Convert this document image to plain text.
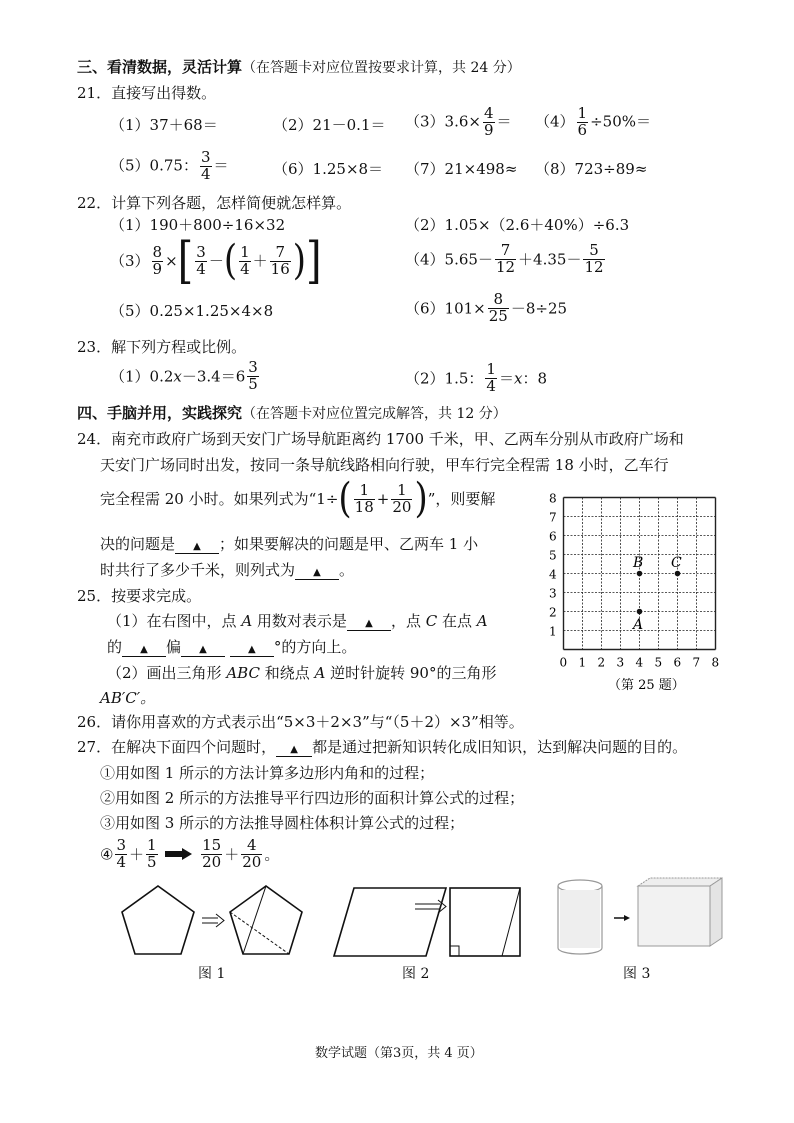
三、看清数据，灵活计算（在答题卡对应位置按要求计算，共 24 分）
21．直接写出得数。
（1）37＋68＝	$(2)21-0.1= (3)3.6\times \frac{4}{9} = (4) \frac{1}{6} \div 50\%=$
（5）0.75： $\frac{3}{4}$ ＝	（6）1.25×8＝ （7）21×498≈ （8）723÷89≈
22．计算下列各题，怎样简便就怎样算。
（1）190＋800÷16×32	（2）1.05×（2.6＋40%）÷6.3
$(3) \frac{8}{9}$ ×[ $\frac{3}{4}$ －( $\frac{1}{4} + \frac{7}{16}$ )]	$(4)5.65- \frac{7}{12} +4.35- \frac{5}{12}$
（5）0.25×1.25×4×8	$(6)101\times \frac{8}{25} -8\div 25$
23．解下列方程或比例。
$(1)0.2x-3.4=6 \frac{3}{5}$	（2）1.5： $\frac{1}{4} =x$：8
四、手脑并用，实践探究（在答题卡对应位置完成解答，共 12 分）
24．南充市政府广场到天安门广场导航距离约 1700 千米，甲、乙两车分别从市政府广场和
天安门广场同时出发，按同一条导航线路相向行驶，甲车行完全程需 18 小时，乙车行
完全程需 20 小时。如果列式为“$1\div( \frac{1}{18} + \frac{1}{20}$ )”，则要解
决的问题是 ▲ ；如果要解决的问题是甲、乙两车 1 小
时共行了多少千米，则列式为 ▲ 。
25．按要求完成。
（1）在右图中，点 A 用数对表示是 ▲ ，点 C 在点 A
的 ▲ 偏 ▲	▲ °的方向上。
（2）画出三角形 ABC 和绕点 A 逆时针旋转 90°的三角形
AB′C′。
8
7
6
5
4
3
2
1
0 1 2 3 4 5 6 7 8
B C
A
（第 25 题）
26．请你用喜欢的方式表示出“5×3＋2×3”与“（5＋2）×3”相等。
27．在解决下面四个问题时， ▲ 都是通过把新知识转化成旧知识，达到解决问题的目的。
①用如图 1 所示的方法计算多边形内角和的过程；
②用如图 2 所示的方法推导平行四边形的面积计算公式的过程；
③用如图 3 所示的方法推导圆柱体积计算公式的过程；
④ $\frac{3}{4} + \frac{1}{5}$
	$\frac{15}{20} + \frac{4}{20}$ 。
图 1	图 2	图 3
数学试题（第3页，共 4 页）
